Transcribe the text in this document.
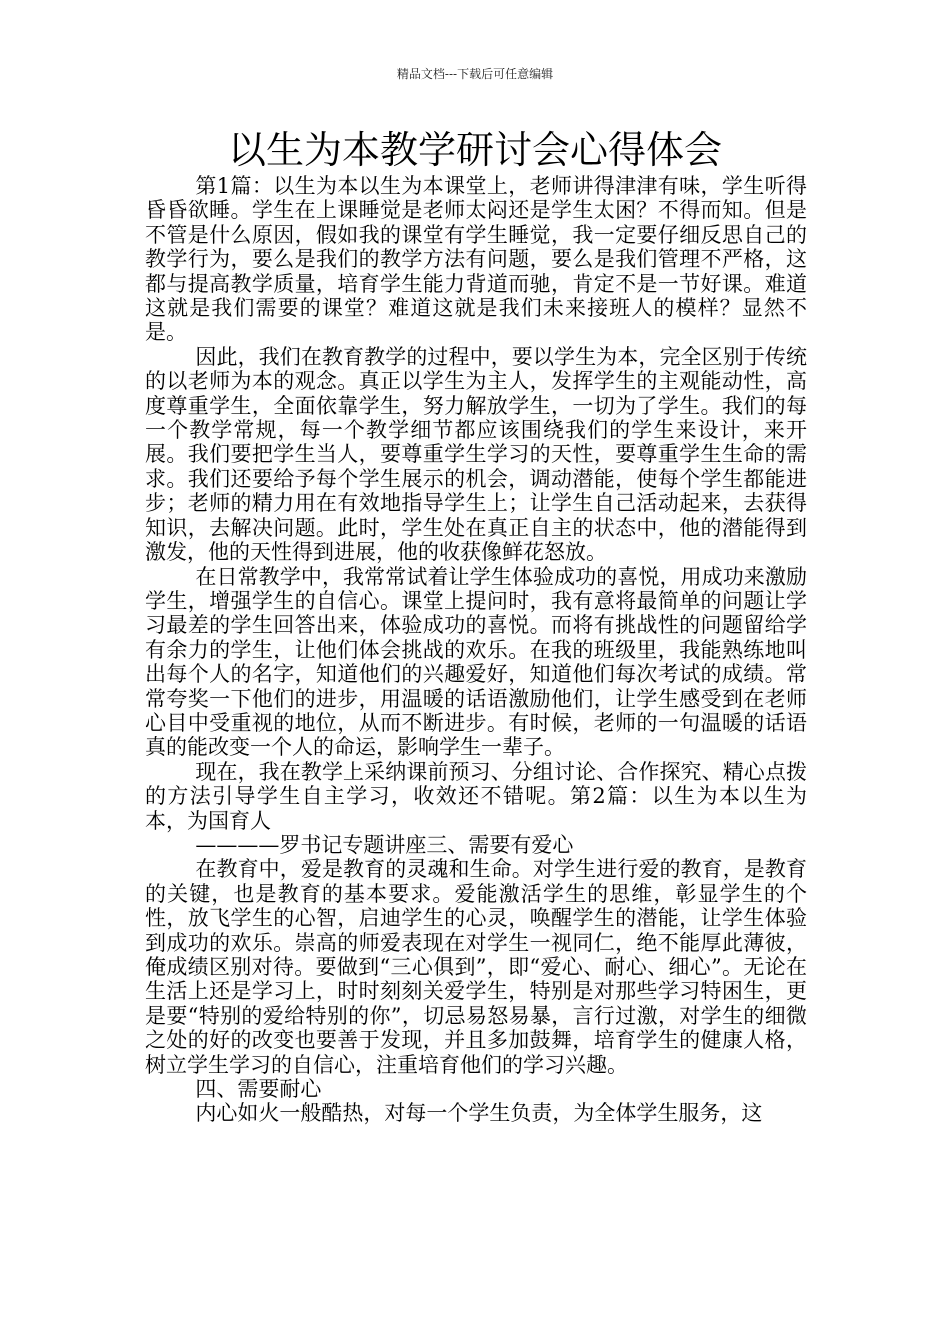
精品文档---下载后可任意编辑
以生为本教学研讨会心得体会

第1篇：以生为本以生为本课堂上，老师讲得津津有味，学生听得昏昏欲睡。学生在上课睡觉是老师太闷还是学生太困？不得而知。但是不管是什么原因，假如我的课堂有学生睡觉，我一定要仔细反思自己的教学行为，要么是我们的教学方法有问题，要么是我们管理不严格，这都与提高教学质量，培育学生能力背道而驰，肯定不是一节好课。难道这就是我们需要的课堂？难道这就是我们未来接班人的模样？显然不是。

因此，我们在教育教学的过程中，要以学生为本，完全区别于传统的以老师为本的观念。真正以学生为主人，发挥学生的主观能动性，高度尊重学生，全面依靠学生，努力解放学生，一切为了学生。我们的每一个教学常规，每一个教学细节都应该围绕我们的学生来设计，来开展。我们要把学生当人，要尊重学生学习的天性，要尊重学生生命的需求。我们还要给予每个学生展示的机会，调动潜能，使每个学生都能进步；老师的精力用在有效地指导学生上；让学生自己活动起来，去获得知识，去解决问题。此时，学生处在真正自主的状态中，他的潜能得到激发，他的天性得到进展，他的收获像鲜花怒放。

在日常教学中，我常常试着让学生体验成功的喜悦，用成功来激励学生，增强学生的自信心。课堂上提问时，我有意将最简单的问题让学习最差的学生回答出来，体验成功的喜悦。而将有挑战性的问题留给学有余力的学生，让他们体会挑战的欢乐。在我的班级里，我能熟练地叫出每个人的名字，知道他们的兴趣爱好，知道他们每次考试的成绩。常常夸奖一下他们的进步，用温暖的话语激励他们，让学生感受到在老师心目中受重视的地位，从而不断进步。有时候，老师的一句温暖的话语真的能改变一个人的命运，影响学生一辈子。

现在，我在教学上采纳课前预习、分组讨论、合作探究、精心点拨的方法引导学生自主学习，收效还不错呢。第2篇：以生为本以生为本，为国育人

————罗书记专题讲座三、需要有爱心

在教育中，爱是教育的灵魂和生命。对学生进行爱的教育，是教育的关键，也是教育的基本要求。爱能激活学生的思维，彰显学生的个性，放飞学生的心智，启迪学生的心灵，唤醒学生的潜能，让学生体验到成功的欢乐。崇高的师爱表现在对学生一视同仁，绝不能厚此薄彼，俺成绩区别对待。要做到“三心俱到”，即“爱心、耐心、细心”。无论在生活上还是学习上，时时刻刻关爱学生，特别是对那些学习特困生，更是要“特别的爱给特别的你”，切忌易怒易暴，言行过激，对学生的细微之处的好的改变也要善于发现，并且多加鼓舞，培育学生的健康人格，树立学生学习的自信心，注重培育他们的学习兴趣。

四、需要耐心

内心如火一般酷热，对每一个学生负责，为全体学生服务，这
